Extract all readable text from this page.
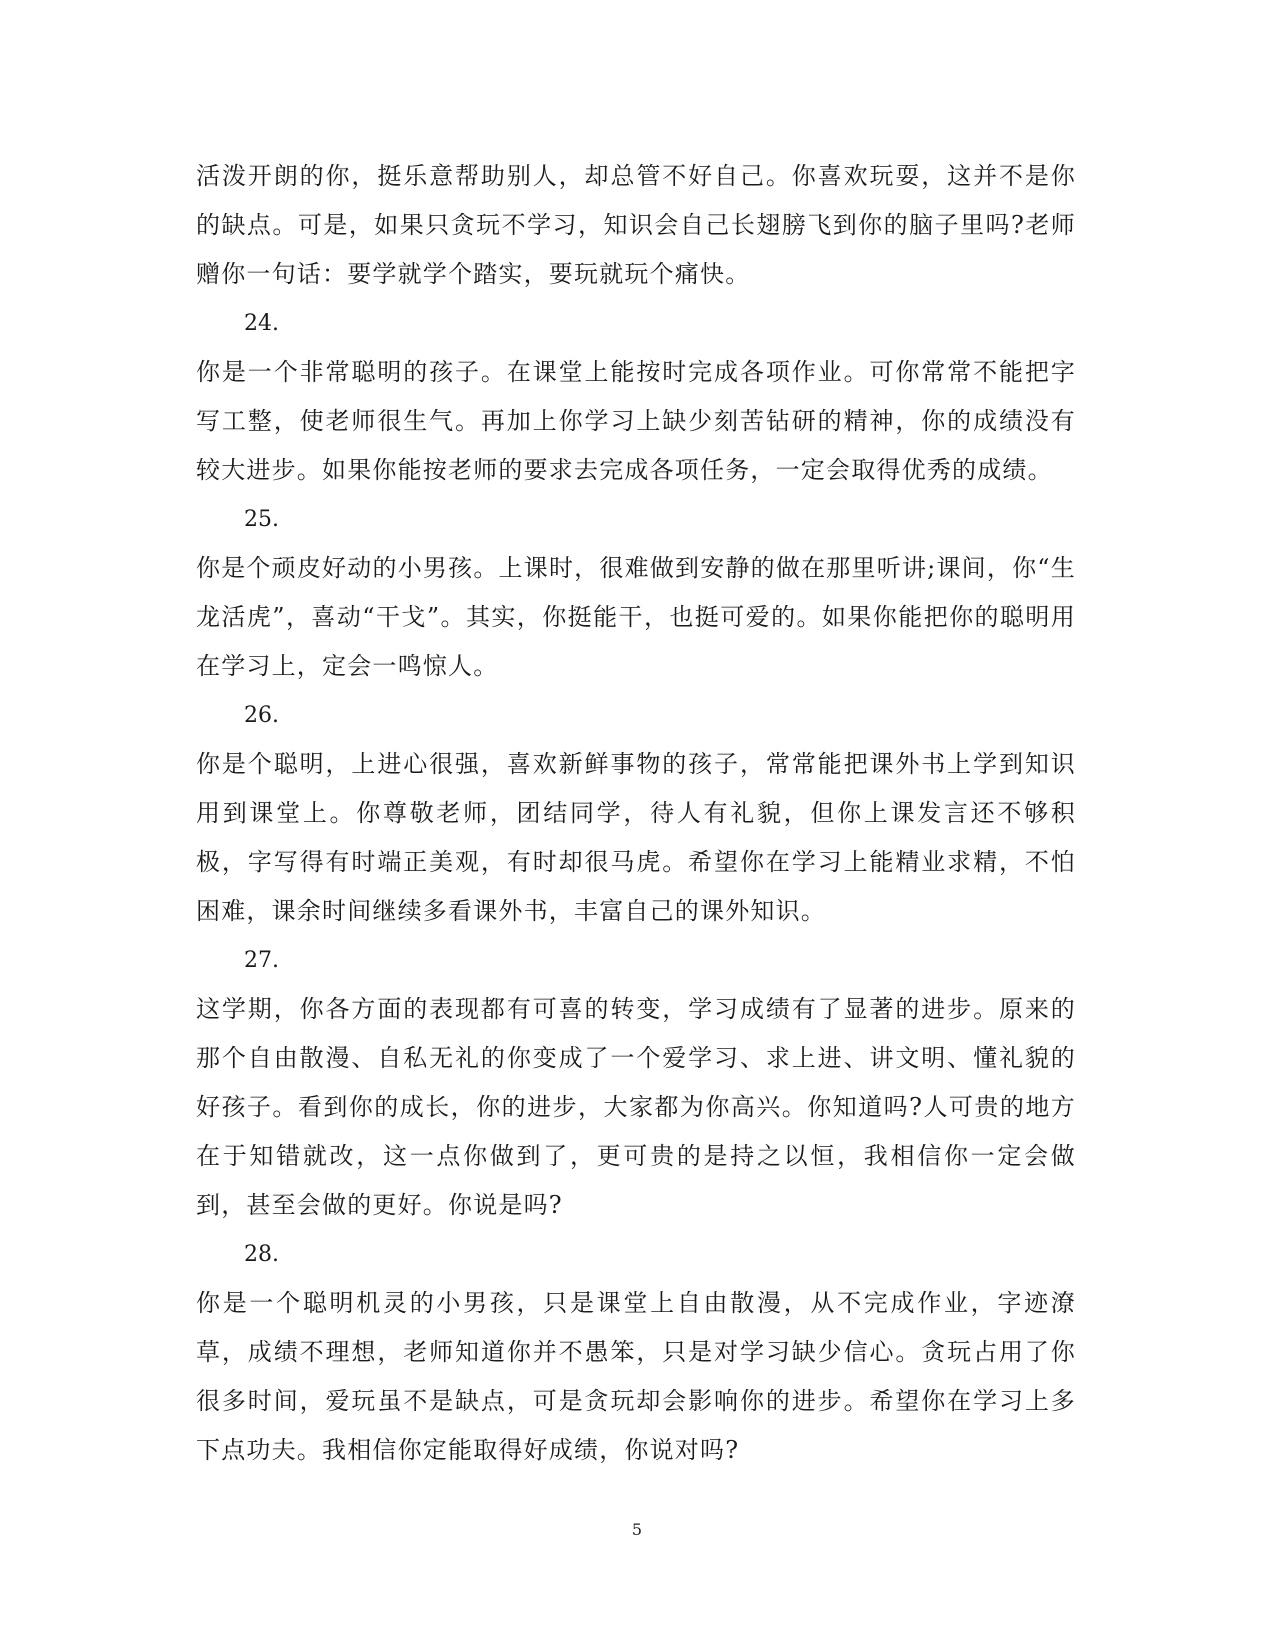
活泼开朗的你，挺乐意帮助别人，却总管不好自己。你喜欢玩耍，这并不是你的缺点。可是，如果只贪玩不学习，知识会自己长翅膀飞到你的脑子里吗?老师赠你一句话：要学就学个踏实，要玩就玩个痛快。

24.

你是一个非常聪明的孩子。在课堂上能按时完成各项作业。可你常常不能把字写工整，使老师很生气。再加上你学习上缺少刻苦钻研的精神，你的成绩没有较大进步。如果你能按老师的要求去完成各项任务，一定会取得优秀的成绩。

25.

你是个顽皮好动的小男孩。上课时，很难做到安静的做在那里听讲;课间，你“生龙活虎”，喜动“干戈”。其实，你挺能干，也挺可爱的。如果你能把你的聪明用在学习上，定会一鸣惊人。

26.

你是个聪明，上进心很强，喜欢新鲜事物的孩子，常常能把课外书上学到知识用到课堂上。你尊敬老师，团结同学，待人有礼貌，但你上课发言还不够积极，字写得有时端正美观，有时却很马虎。希望你在学习上能精业求精，不怕困难，课余时间继续多看课外书，丰富自己的课外知识。

27.

这学期，你各方面的表现都有可喜的转变，学习成绩有了显著的进步。原来的那个自由散漫、自私无礼的你变成了一个爱学习、求上进、讲文明、懂礼貌的好孩子。看到你的成长，你的进步，大家都为你高兴。你知道吗?人可贵的地方在于知错就改，这一点你做到了，更可贵的是持之以恒，我相信你一定会做到，甚至会做的更好。你说是吗?

28.

你是一个聪明机灵的小男孩，只是课堂上自由散漫，从不完成作业，字迹潦草，成绩不理想，老师知道你并不愚笨，只是对学习缺少信心。贪玩占用了你很多时间，爱玩虽不是缺点，可是贪玩却会影响你的进步。希望你在学习上多下点功夫。我相信你定能取得好成绩，你说对吗?

5
